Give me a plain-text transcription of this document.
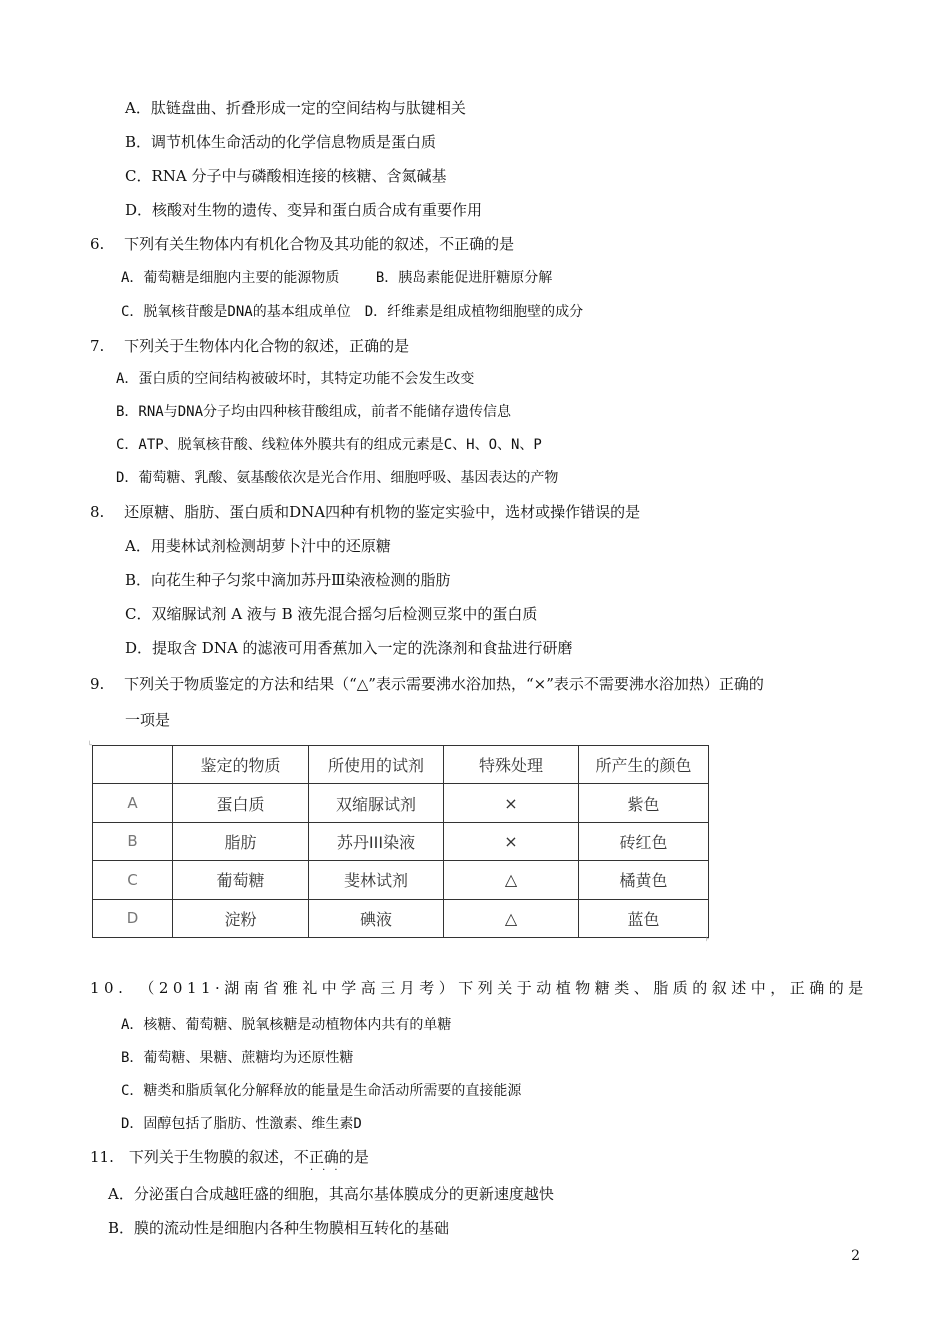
A．肽链盘曲、折叠形成一定的空间结构与肽键相关
B．调节机体生命活动的化学信息物质是蛋白质
C．RNA 分子中与磷酸相连接的核糖、含氮碱基
D．核酸对生物的遗传、变异和蛋白质合成有重要作用
6.　 下列有关生物体内有机化合物及其功能的叙述，不正确的是
A．葡萄糖是细胞内主要的能源物质　　 B．胰岛素能促进肝糖原分解
C．脱氧核苷酸是DNA的基本组成单位　D．纤维素是组成植物细胞壁的成分
7.　 下列关于生物体内化合物的叙述，正确的是
A．蛋白质的空间结构被破坏时，其特定功能不会发生改变
B．RNA与DNA分子均由四种核苷酸组成，前者不能储存遗传信息
C．ATP、脱氧核苷酸、线粒体外膜共有的组成元素是C、H、O、N、P
D．葡萄糖、乳酸、氨基酸依次是光合作用、细胞呼吸、基因表达的产物
8.　 还原糖、脂肪、蛋白质和DNA四种有机物的鉴定实验中，选材或操作错误的是
A．用斐林试剂检测胡萝卜汁中的还原糖
B．向花生种子匀浆中滴加苏丹Ⅲ染液检测的脂肪
C．双缩脲试剂 A 液与 B 液先混合摇匀后检测豆浆中的蛋白质
D．提取含 DNA 的滤液可用香蕉加入一定的洗涤剂和食盐进行研磨
9.　 下列关于物质鉴定的方法和结果（“△”表示需要沸水浴加热，“×”表示不需要沸水浴加热）正确的
一项是
˪
	鉴定的物质	所使用的试剂	特殊处理	所产生的颜色
A	蛋白质	双缩脲试剂	×	紫色
B	脂肪	苏丹III染液	×	砖红色
C	葡萄糖	斐林试剂	△	橘黄色
D	淀粉	碘液	△	蓝色
˫
10.　（2011·湖南省雅礼中学高三月考）下列关于动植物糖类、脂质的叙述中，正确的是
A．核糖、葡萄糖、脱氧核糖是动植物体内共有的单糖
B．葡萄糖、果糖、蔗糖均为还原性糖
C．糖类和脂质氧化分解释放的能量是生命活动所需要的直接能源
D．固醇包括了脂肪、性激素、维生素D
11.　下列关于生物膜的叙述，不正确的是
···
A．分泌蛋白合成越旺盛的细胞，其高尔基体膜成分的更新速度越快
B．膜的流动性是细胞内各种生物膜相互转化的基础
2
